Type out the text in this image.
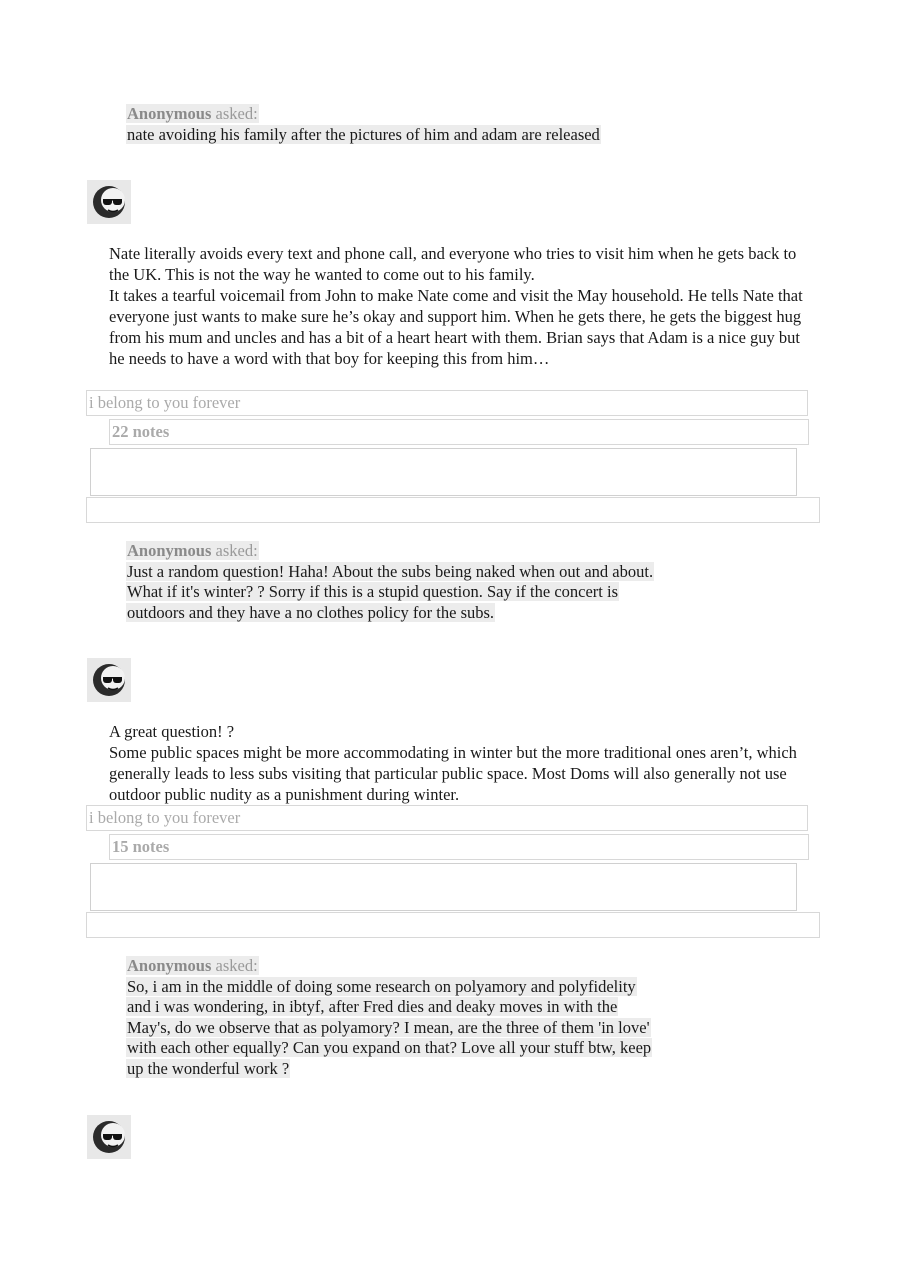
Anonymous asked:
nate avoiding his family after the pictures of him and adam are released

Nate literally avoids every text and phone call, and everyone who tries to visit him when he gets back to the UK. This is not the way he wanted to come out to his family.

It takes a tearful voicemail from John to make Nate come and visit the May household. He tells Nate that everyone just wants to make sure he’s okay and support him. When he gets there, he gets the biggest hug from his mum and uncles and has a bit of a heart heart with them. Brian says that Adam is a nice guy but he needs to have a word with that boy for keeping this from him…

i belong to you forever
22 notes
Anonymous asked:
Just a random question! Haha! About the subs being naked when out and about.
What if it's winter? ? Sorry if this is a stupid question. Say if the concert is
outdoors and they have a no clothes policy for the subs.

A great question! ?

Some public spaces might be more accommodating in winter but the more traditional ones aren’t, which generally leads to less subs visiting that particular public space. Most Doms will also generally not use outdoor public nudity as a punishment during winter.

i belong to you forever
15 notes
Anonymous asked:
So, i am in the middle of doing some research on polyamory and polyfidelity
and i was wondering, in ibtyf, after Fred dies and deaky moves in with the
May's, do we observe that as polyamory? I mean, are the three of them 'in love'
with each other equally? Can you expand on that? Love all your stuff btw, keep
up the wonderful work ?
